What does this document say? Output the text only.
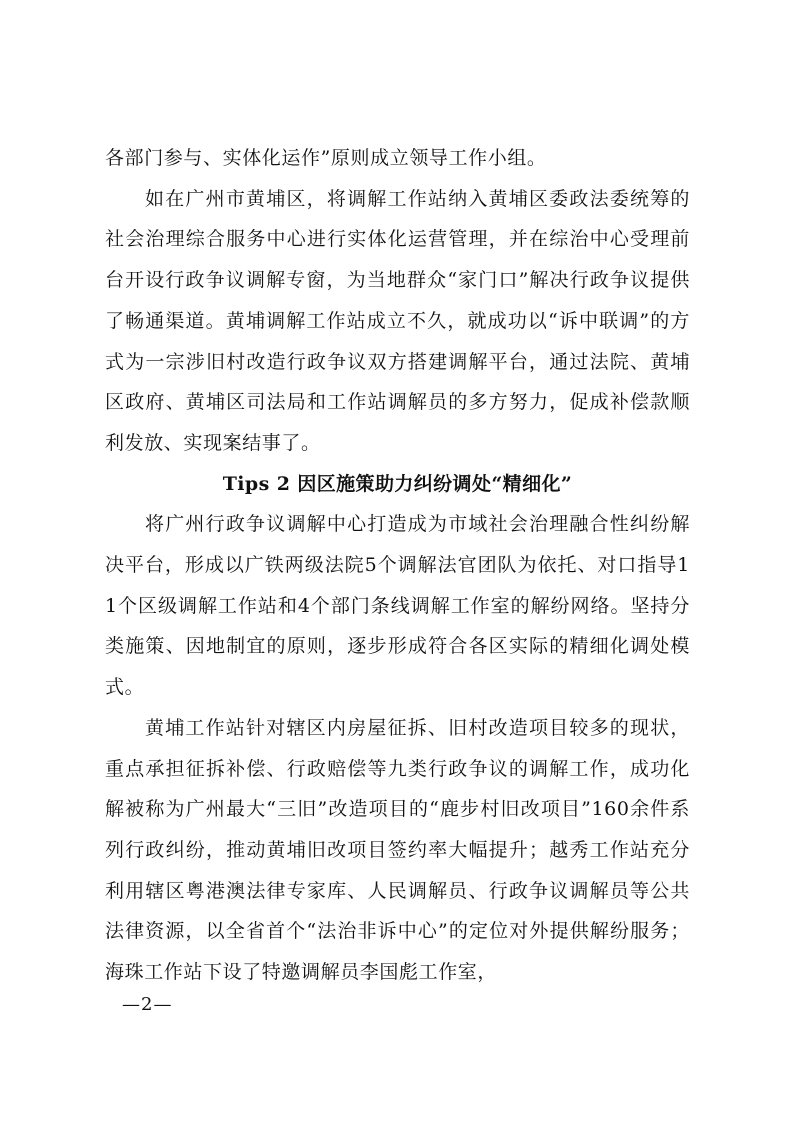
各部门参与、实体化运作”原则成立领导工作小组。

如在广州市黄埔区，将调解工作站纳入黄埔区委政法委统筹的社会治理综合服务中心进行实体化运营管理，并在综治中心受理前台开设行政争议调解专窗，为当地群众“家门口”解决行政争议提供了畅通渠道。黄埔调解工作站成立不久，就成功以“诉中联调”的方式为一宗涉旧村改造行政争议双方搭建调解平台，通过法院、黄埔区政府、黄埔区司法局和工作站调解员的多方努力，促成补偿款顺利发放、实现案结事了。

Tips 2 因区施策助力纠纷调处“精细化”

将广州行政争议调解中心打造成为市域社会治理融合性纠纷解决平台，形成以广铁两级法院5个调解法官团队为依托、对口指导11个区级调解工作站和4个部门条线调解工作室的解纷网络。坚持分类施策、因地制宜的原则，逐步形成符合各区实际的精细化调处模式。

黄埔工作站针对辖区内房屋征拆、旧村改造项目较多的现状，重点承担征拆补偿、行政赔偿等九类行政争议的调解工作，成功化解被称为广州最大“三旧”改造项目的“鹿步村旧改项目”160余件系列行政纠纷，推动黄埔旧改项目签约率大幅提升；越秀工作站充分利用辖区粤港澳法律专家库、人民调解员、行政争议调解员等公共法律资源，以全省首个“法治非诉中心”的定位对外提供解纷服务；海珠工作站下设了特邀调解员李国彪工作室，

—2—
